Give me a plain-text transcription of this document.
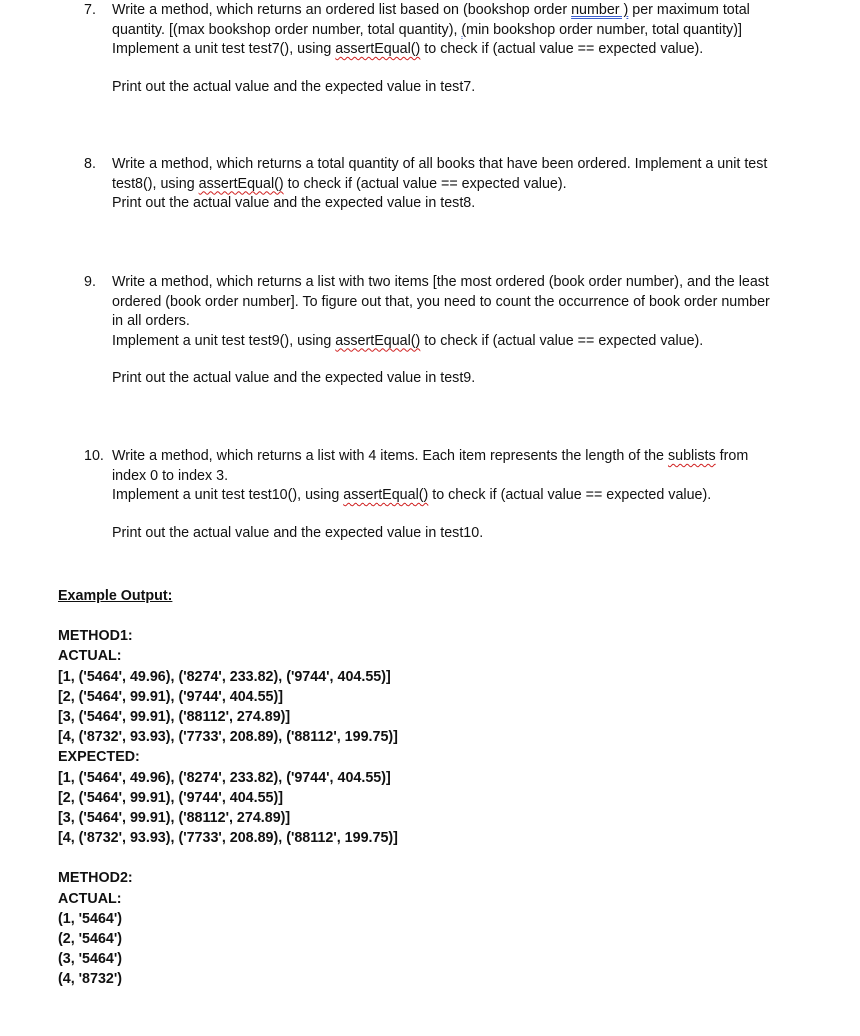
7.	Write a method, which returns an ordered list based on (bookshop order number ) per maximum total

quantity. [(max bookshop order number, total quantity), (min bookshop order number, total quantity)]

Implement a unit test test7(), using assertEqual() to check if (actual value == expected value).

Print out the actual value and the expected value in test7.

8.	Write a method, which returns a total quantity of all books that have been ordered. Implement a unit test

test8(), using assertEqual() to check if (actual value == expected value).

Print out the actual value and the expected value in test8.

9.	Write a method, which returns a list with two items [the most ordered (book order number), and the least

ordered (book order number]. To figure out that, you need to count the occurrence of book order number

in all orders.

Implement a unit test test9(), using assertEqual() to check if (actual value == expected value).

Print out the actual value and the expected value in test9.

10. Write a method, which returns a list with 4 items. Each item represents the length of the sublists from

index 0 to index 3.

Implement a unit test test10(), using assertEqual() to check if (actual value == expected value).

Print out the actual value and the expected value in test10.

Example Output:
METHOD1:
ACTUAL:
[1, ('5464', 49.96), ('8274', 233.82), ('9744', 404.55)]
[2, ('5464', 99.91), ('9744', 404.55)]
[3, ('5464', 99.91), ('88112', 274.89)]
[4, ('8732', 93.93), ('7733', 208.89), ('88112', 199.75)]
EXPECTED:
[1, ('5464', 49.96), ('8274', 233.82), ('9744', 404.55)]
[2, ('5464', 99.91), ('9744', 404.55)]
[3, ('5464', 99.91), ('88112', 274.89)]
[4, ('8732', 93.93), ('7733', 208.89), ('88112', 199.75)]
METHOD2:
ACTUAL:
(1, '5464')
(2, '5464')
(3, '5464')
(4, '8732')
